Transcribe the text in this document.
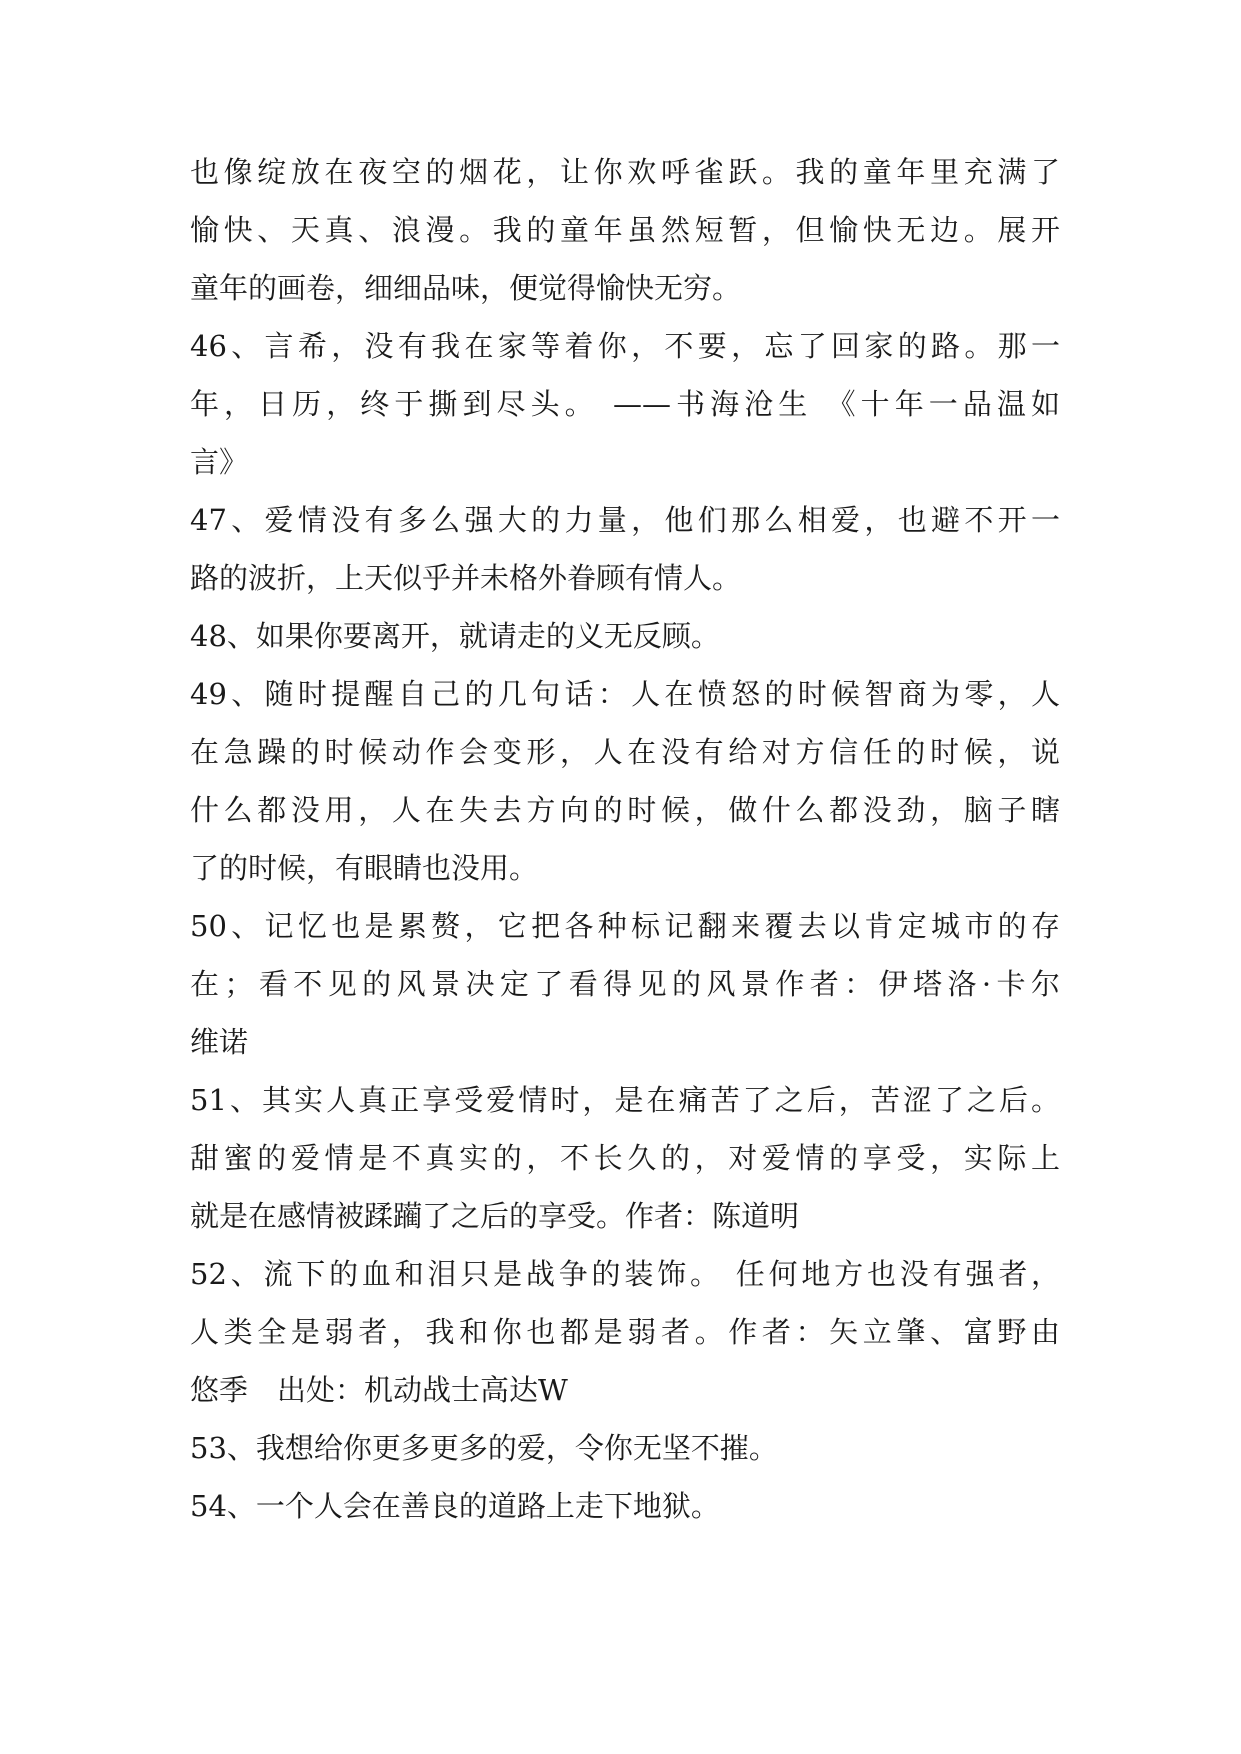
也像绽放在夜空的烟花，让你欢呼雀跃。我的童年里充满了
愉快、天真、浪漫。我的童年虽然短暂，但愉快无边。展开
童年的画卷，细细品味，便觉得愉快无穷。
46、言希，没有我在家等着你，不要，忘了回家的路。那一
年，日历，终于撕到尽头。 ——书海沧生 《十年一品温如
言》
47、爱情没有多么强大的力量，他们那么相爱，也避不开一
路的波折，上天似乎并未格外眷顾有情人。
48、如果你要离开，就请走的义无反顾。
49、随时提醒自己的几句话：人在愤怒的时候智商为零，人
在急躁的时候动作会变形，人在没有给对方信任的时候，说
什么都没用，人在失去方向的时候，做什么都没劲，脑子瞎
了的时候，有眼睛也没用。
50、记忆也是累赘，它把各种标记翻来覆去以肯定城市的存
在；看不见的风景决定了看得见的风景作者：伊塔洛·卡尔
维诺
51、其实人真正享受爱情时，是在痛苦了之后，苦涩了之后。
甜蜜的爱情是不真实的，不长久的，对爱情的享受，实际上
就是在感情被蹂躏了之后的享受。作者：陈道明
52、流下的血和泪只是战争的装饰。 任何地方也没有强者，
人类全是弱者，我和你也都是弱者。作者：矢立肇、富野由
悠季　出处：机动战士高达W
53、我想给你更多更多的爱，令你无坚不摧。
54、一个人会在善良的道路上走下地狱。
